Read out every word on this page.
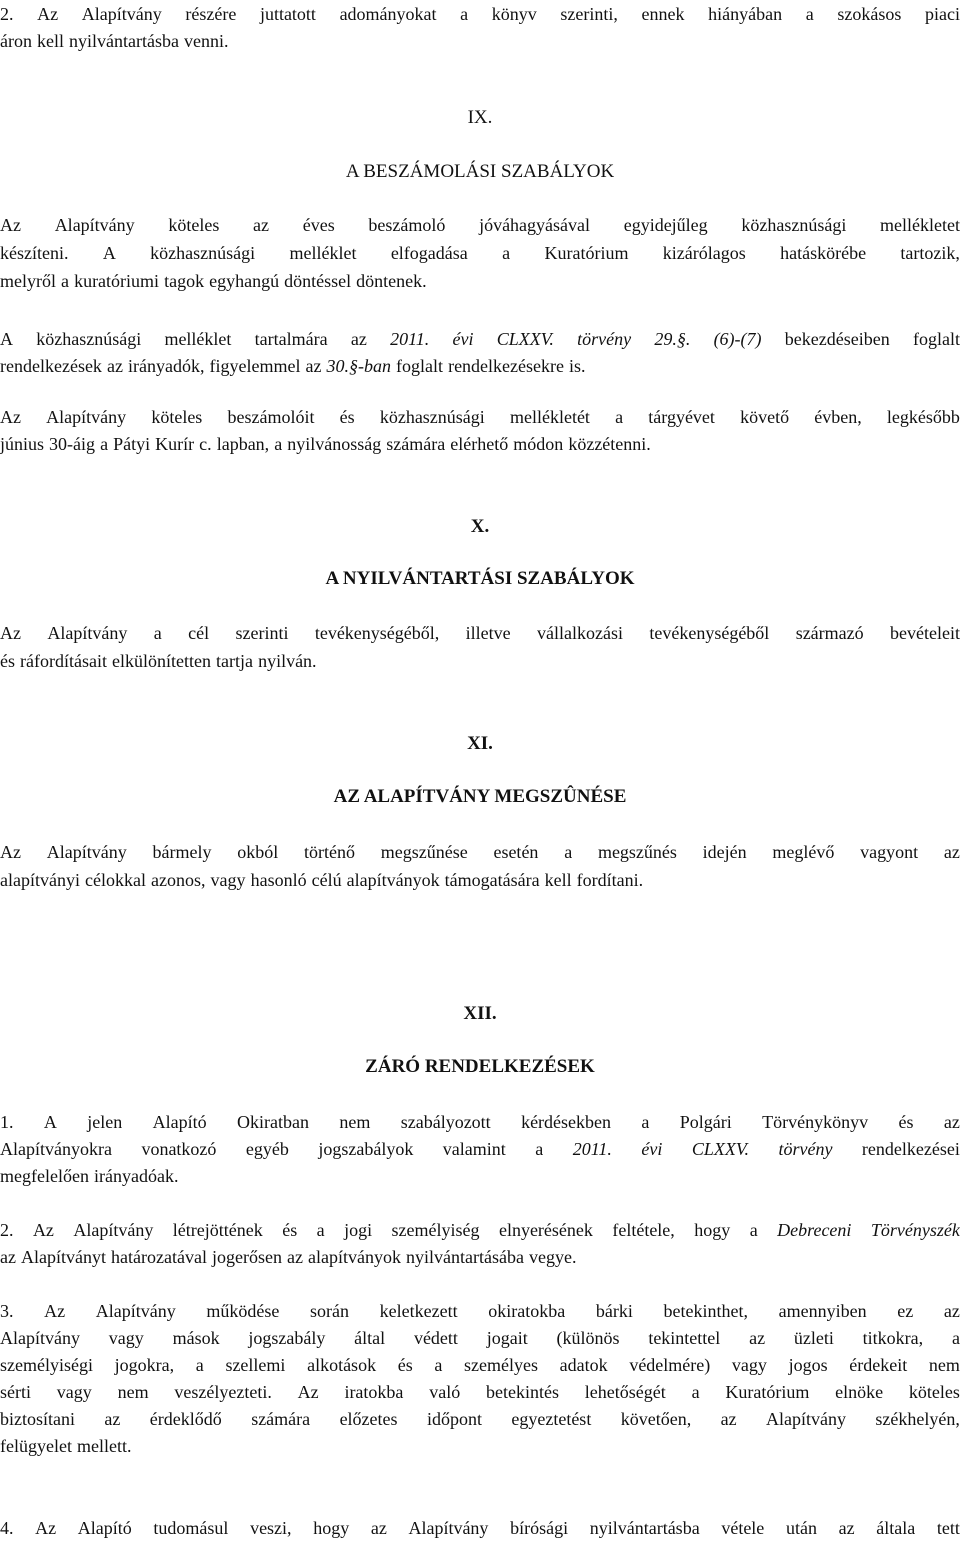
IX.
A BESZÁMOLÁSI SZABÁLYOK
X.
A NYILVÁNTARTÁSI SZABÁLYOK
XI.
AZ ALAPÍTVÁNY MEGSZÛNÉSE
XII.
ZÁRÓ RENDELKEZÉSEK
2. Az Alapítvány részére juttatott adományokat a könyv szerinti, ennek hiányában a szokásos piaci
áron kell nyilvántartásba venni.
Az Alapítvány köteles az éves beszámoló jóváhagyásával egyidejűleg közhasznúsági mellékletet
készíteni. A közhasznúsági melléklet elfogadása a Kuratórium kizárólagos hatáskörébe tartozik,
melyről a kuratóriumi tagok egyhangú döntéssel döntenek.
A közhasznúsági melléklet tartalmára az 2011. évi CLXXV. törvény 29.§. (6)-(7) bekezdéseiben foglalt
rendelkezések az irányadók, figyelemmel az 30.§-ban foglalt rendelkezésekre is.
Az Alapítvány köteles beszámolóit és közhasznúsági mellékletét a tárgyévet követő évben, legkésőbb
június 30-áig a Pátyi Kurír c. lapban, a nyilvánosság számára elérhető módon közzétenni.
Az Alapítvány a cél szerinti tevékenységéből, illetve vállalkozási tevékenységéből származó bevételeit
és ráfordításait elkülönítetten tartja nyilván.
Az Alapítvány bármely okból történő megszűnése esetén a megszűnés idején meglévő vagyont az
alapítványi célokkal azonos, vagy hasonló célú alapítványok támogatására kell fordítani.
1. A jelen Alapító Okiratban nem szabályozott kérdésekben a Polgári Törvénykönyv és az
Alapítványokra vonatkozó egyéb jogszabályok valamint a 2011. évi CLXXV. törvény rendelkezései
megfelelően irányadóak.
2. Az Alapítvány létrejöttének és a jogi személyiség elnyerésének feltétele, hogy a Debreceni Törvényszék
az Alapítványt határozatával jogerősen az alapítványok nyilvántartásába vegye.
3. Az Alapítvány működése során keletkezett okiratokba bárki betekinthet, amennyiben ez az
Alapítvány vagy mások jogszabály által védett jogait (különös tekintettel az üzleti titkokra, a
személyiségi jogokra, a szellemi alkotások és a személyes adatok védelmére) vagy jogos érdekeit nem
sérti vagy nem veszélyezteti. Az iratokba való betekintés lehetőségét a Kuratórium elnöke köteles
biztosítani az érdeklődő számára előzetes időpont egyeztetést követően, az Alapítvány székhelyén,
felügyelet mellett.
4. Az Alapító tudomásul veszi, hogy az Alapítvány bírósági nyilvántartásba vétele után az általa tett
